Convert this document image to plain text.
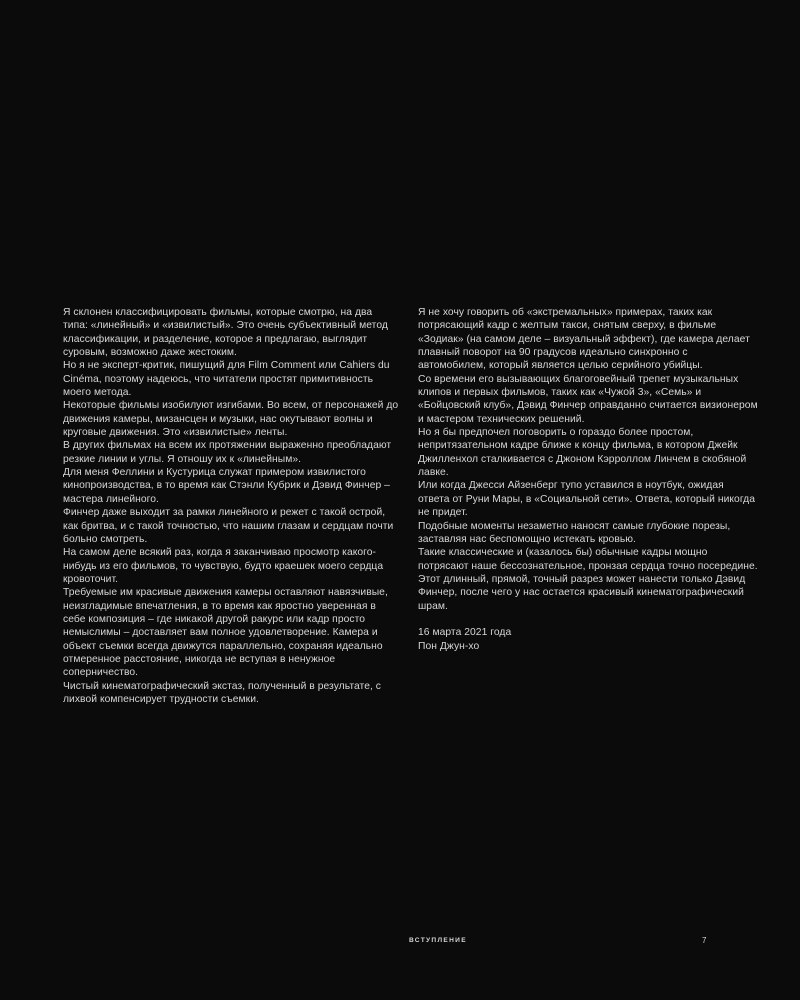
Я склонен классифицировать фильмы, которые смотрю, на два типа: «линейный» и «извилистый». Это очень субъективный метод классификации, и разделение, которое я предлагаю, выглядит суровым, возможно даже жестоким.

Но я не эксперт-критик, пишущий для Film Comment или Cahiers du Cinéma, поэтому надеюсь, что читатели простят примитивность моего метода.

Некоторые фильмы изобилуют изгибами. Во всем, от персонажей до движения камеры, мизансцен и музыки, нас окутывают волны и круговые движения. Это «извилистые» ленты.

В других фильмах на всем их протяжении выраженно преобладают резкие линии и углы. Я отношу их к «линейным».

Для меня Феллини и Кустурица служат примером извилистого кинопроизводства, в то время как Стэнли Кубрик и Дэвид Финчер – мастера линейного.

Финчер даже выходит за рамки линейного и режет с такой острой, как бритва, и с такой точностью, что нашим глазам и сердцам почти больно смотреть.

На самом деле всякий раз, когда я заканчиваю просмотр какого-нибудь из его фильмов, то чувствую, будто краешек моего сердца кровоточит.

Требуемые им красивые движения камеры оставляют навязчивые, неизгладимые впечатления, в то время как яростно уверенная в себе композиция – где никакой другой ракурс или кадр просто немыслимы – доставляет вам полное удовлетворение. Камера и объект съемки всегда движутся параллельно, сохраняя идеально отмеренное расстояние, никогда не вступая в ненужное соперничество.

Чистый кинематографический экстаз, полученный в результате, с лихвой компенсирует трудности съемки.

Я не хочу говорить об «экстремальных» примерах, таких как потрясающий кадр с желтым такси, снятым сверху, в фильме «Зодиак» (на самом деле – визуальный эффект), где камера делает плавный поворот на 90 градусов идеально синхронно с автомобилем, который является целью серийного убийцы.

Со времени его вызывающих благоговейный трепет музыкальных клипов и первых фильмов, таких как «Чужой 3», «Семь» и «Бойцовский клуб», Дэвид Финчер оправданно считается визионером и мастером технических решений.

Но я бы предпочел поговорить о гораздо более простом, непритязательном кадре ближе к концу фильма, в котором Джейк Джилленхол сталкивается с Джоном Кэрроллом Линчем в скобяной лавке.

Или когда Джесси Айзенберг тупо уставился в ноутбук, ожидая ответа от Руни Мары, в «Социальной сети». Ответа, который никогда не придет.

Подобные моменты незаметно наносят самые глубокие порезы, заставляя нас беспомощно истекать кровью.

Такие классические и (казалось бы) обычные кадры мощно потрясают наше бессознательное, пронзая сердца точно посередине.

Этот длинный, прямой, точный разрез может нанести только Дэвид Финчер, после чего у нас остается красивый кинематографический шрам.

16 марта 2021 года

Пон Джун-хо

ВСТУПЛЕНИЕ	7
